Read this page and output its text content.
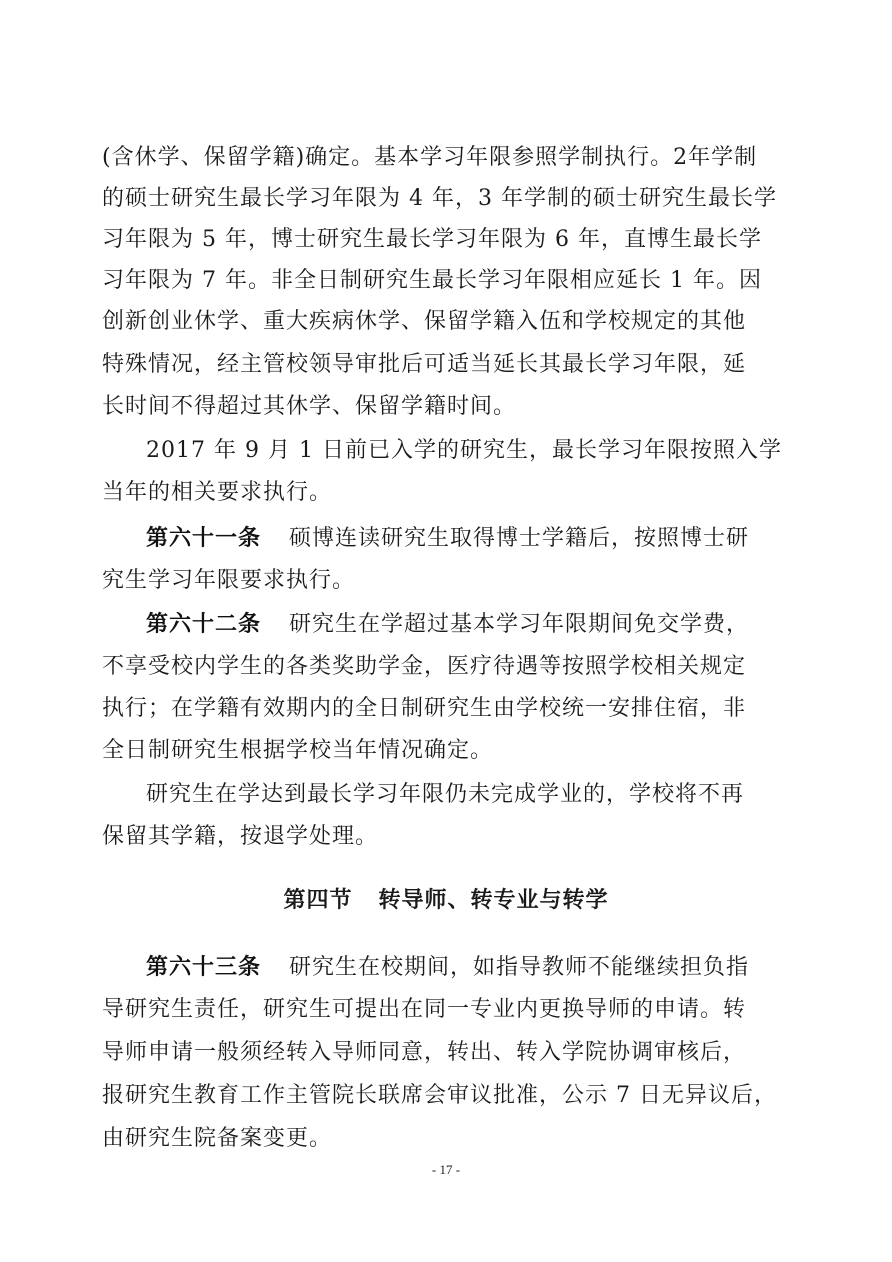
(含休学、保留学籍)确定。基本学习年限参照学制执行。2年学制
的硕士研究生最长学习年限为 4 年，3 年学制的硕士研究生最长学
习年限为 5 年，博士研究生最长学习年限为 6 年，直博生最长学
习年限为 7 年。非全日制研究生最长学习年限相应延长 1 年。因
创新创业休学、重大疾病休学、保留学籍入伍和学校规定的其他
特殊情况，经主管校领导审批后可适当延长其最长学习年限，延
长时间不得超过其休学、保留学籍时间。
2017 年 9 月 1 日前已入学的研究生，最长学习年限按照入学
当年的相关要求执行。
第六十一条 硕博连读研究生取得博士学籍后，按照博士研
究生学习年限要求执行。
第六十二条 研究生在学超过基本学习年限期间免交学费，
不享受校内学生的各类奖助学金，医疗待遇等按照学校相关规定
执行；在学籍有效期内的全日制研究生由学校统一安排住宿，非
全日制研究生根据学校当年情况确定。
研究生在学达到最长学习年限仍未完成学业的，学校将不再
保留其学籍，按退学处理。
第四节 转导师、转专业与转学
第六十三条 研究生在校期间，如指导教师不能继续担负指
导研究生责任，研究生可提出在同一专业内更换导师的申请。转
导师申请一般须经转入导师同意，转出、转入学院协调审核后，
报研究生教育工作主管院长联席会审议批准，公示 7 日无异议后，
由研究生院备案变更。
- 17 -
